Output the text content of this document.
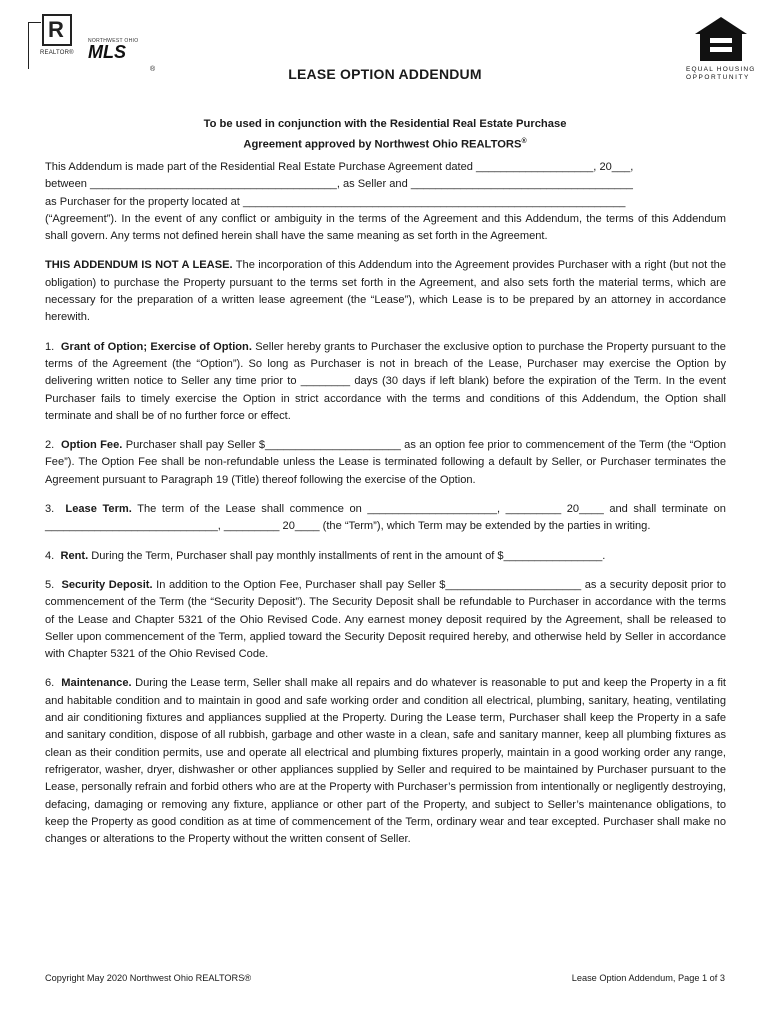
R
REALTOR®
NORTHWEST OHIO
MLS
®	EQUAL HOUSING
OPPORTUNITY
LEASE OPTION ADDENDUM
To be used in conjunction with the Residential Real Estate Purchase
Agreement approved by Northwest Ohio REALTORS®

This Addendum is made part of the Residential Real Estate Purchase Agreement dated ___________________, 20___,

between ________________________________________, as Seller and ____________________________________

as Purchaser for the property located at ______________________________________________________________

(“Agreement”). In the event of any conflict or ambiguity in the terms of the Agreement and this Addendum, the terms of this Addendum shall govern. Any terms not defined herein shall have the same meaning as set forth in the Agreement.

THIS ADDENDUM IS NOT A LEASE. The incorporation of this Addendum into the Agreement provides Purchaser with a right (but not the obligation) to purchase the Property pursuant to the terms set forth in the Agreement, and also sets forth the material terms, which are necessary for the preparation of a written lease agreement (the “Lease”), which Lease is to be prepared by an attorney in accordance herewith.

1. Grant of Option; Exercise of Option. Seller hereby grants to Purchaser the exclusive option to purchase the Property pursuant to the terms of the Agreement (the “Option”). So long as Purchaser is not in breach of the Lease, Purchaser may exercise the Option by delivering written notice to Seller any time prior to ________ days (30 days if left blank) before the expiration of the Term. In the event Purchaser fails to timely exercise the Option in strict accordance with the terms and conditions of this Addendum, the Option shall terminate and shall be of no further force or effect.

2. Option Fee. Purchaser shall pay Seller $______________________ as an option fee prior to commencement of the Term (the “Option Fee”). The Option Fee shall be non-refundable unless the Lease is terminated following a default by Seller, or Purchaser terminates the Agreement pursuant to Paragraph 19 (Title) thereof following the exercise of the Option.

3. Lease Term. The term of the Lease shall commence on _____________________, _________ 20____ and shall terminate on ____________________________, _________ 20____ (the “Term”), which Term may be extended by the parties in writing.

4. Rent. During the Term, Purchaser shall pay monthly installments of rent in the amount of $________________.

5. Security Deposit. In addition to the Option Fee, Purchaser shall pay Seller $______________________ as a security deposit prior to commencement of the Term (the “Security Deposit”). The Security Deposit shall be refundable to Purchaser in accordance with the terms of the Lease and Chapter 5321 of the Ohio Revised Code. Any earnest money deposit required by the Agreement, shall be released to Seller upon commencement of the Term, applied toward the Security Deposit required hereby, and otherwise held by Seller in accordance with Chapter 5321 of the Ohio Revised Code.

6. Maintenance. During the Lease term, Seller shall make all repairs and do whatever is reasonable to put and keep the Property in a fit and habitable condition and to maintain in good and safe working order and condition all electrical, plumbing, sanitary, heating, ventilating and air conditioning fixtures and appliances supplied at the Property. During the Lease term, Purchaser shall keep the Property in a safe and sanitary condition, dispose of all rubbish, garbage and other waste in a clean, safe and sanitary manner, keep all plumbing fixtures as clean as their condition permits, use and operate all electrical and plumbing fixtures properly, maintain in a good working order any range, refrigerator, washer, dryer, dishwasher or other appliances supplied by Seller and required to be maintained by Purchaser pursuant to the Lease, personally refrain and forbid others who are at the Property with Purchaser’s permission from intentionally or negligently destroying, defacing, damaging or removing any fixture, appliance or other part of the Property, and subject to Seller’s maintenance obligations, to keep the Property as good condition as at time of commencement of the Term, ordinary wear and tear excepted. Purchaser shall make no changes or alterations to the Property without the written consent of Seller.

Copyright May 2020 Northwest Ohio REALTORS®	Lease Option Addendum, Page 1 of 3
